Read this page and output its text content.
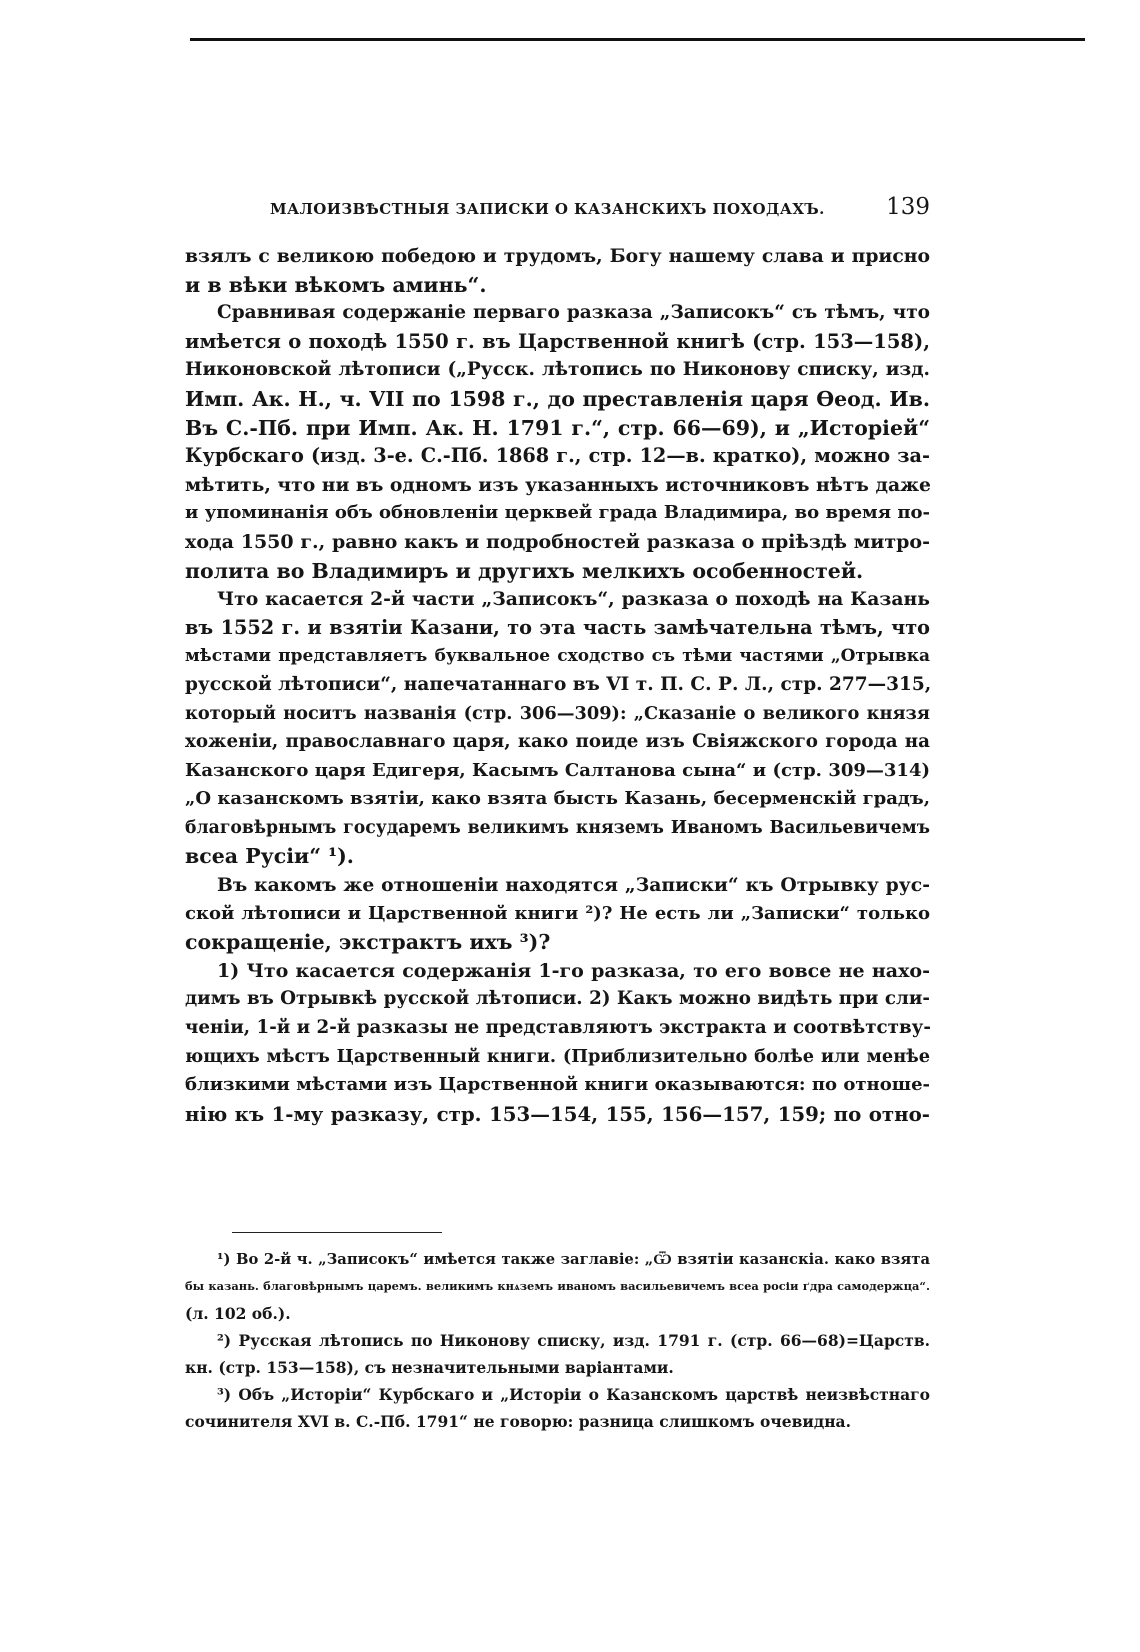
МАЛОИЗВѢСТНЫЯ ЗАПИСКИ О КАЗАНСКИХЪ ПОХОДАХЪ.	139
взялъ с великою победою и трудомъ, Богу нашему слава и присно
и в вѣки вѣкомъ аминь“.
Сравнивая содержаніе перваго разказа „Записокъ“ съ тѣмъ, что
имѣется о походѣ 1550 г. въ Царственной книгѣ (стр. 153—158),
Никоновской лѣтописи („Русск. лѣтопись по Никонову списку, изд.
Имп. Ак. Н., ч. VII по 1598 г., до преставленія царя Ѳеод. Ив.
Въ С.-Пб. при Имп. Ак. Н. 1791 г.“, стр. 66—69), и „Исторіей“
Курбскаго (изд. 3-е. С.-Пб. 1868 г., стр. 12—в. кратко), можно за-
мѣтить, что ни въ одномъ изъ указанныхъ источниковъ нѣтъ даже
и упоминанія объ обновленіи церквей града Владимира, во время по-
хода 1550 г., равно какъ и подробностей разказа о пріѣздѣ митро-
полита во Владимиръ и другихъ мелкихъ особенностей.
Что касается 2-й части „Записокъ“, разказа о походѣ на Казань
въ 1552 г. и взятіи Казани, то эта часть замѣчательна тѣмъ, что
мѣстами представляетъ буквальное сходство съ тѣми частями „Отрывка
русской лѣтописи“, напечатаннаго въ VI т. П. С. Р. Л., стр. 277—315,
который носитъ названія (стр. 306—309): „Сказаніе о великого князя
хоженіи, православнаго царя, како поиде изъ Свіяжского города на
Казанского царя Едигеря, Касымъ Салтанова сына“ и (стр. 309—314)
„О казанскомъ взятіи, како взята бысть Казань, бесерменскій градъ,
благовѣрнымъ государемъ великимъ княземъ Иваномъ Васильевичемъ
всеа Русіи“ ¹).
Въ какомъ же отношеніи находятся „Записки“ къ Отрывку рус-
ской лѣтописи и Царственной книги ²)? Не есть ли „Записки“ только
сокращеніе, экстрактъ ихъ ³)?
1) Что касается содержанія 1-го разказа, то его вовсе не нахо-
димъ въ Отрывкѣ русской лѣтописи. 2) Какъ можно видѣть при сли-
ченіи, 1-й и 2-й разказы не представляютъ экстракта и соотвѣтству-
ющихъ мѣстъ Царственный книги. (Приблизительно болѣе или менѣе
близкими мѣстами изъ Царственной книги оказываются: по отноше-
нію къ 1-му разказу, стр. 153—154, 155, 156—157, 159; по отно-
¹) Во 2-й ч. „Записокъ“ имѣется также заглавіе: „Ѿ взятіи казанскіа. како взята
бы казань. благовѣрнымъ царемъ. великимъ кнѧземъ иваномъ васильевичемъ всеа росіи ґдра самодержца“.
(л. 102 об.).
²) Русская лѣтопись по Никонову списку, изд. 1791 г. (стр. 66—68)=Царств.
кн. (стр. 153—158), съ незначительными варіантами.
³) Объ „Исторіи“ Курбскаго и „Исторіи о Казанскомъ царствѣ неизвѣстнаго
сочинителя XVI в. С.-Пб. 1791“ не говорю: разница слишкомъ очевидна.
